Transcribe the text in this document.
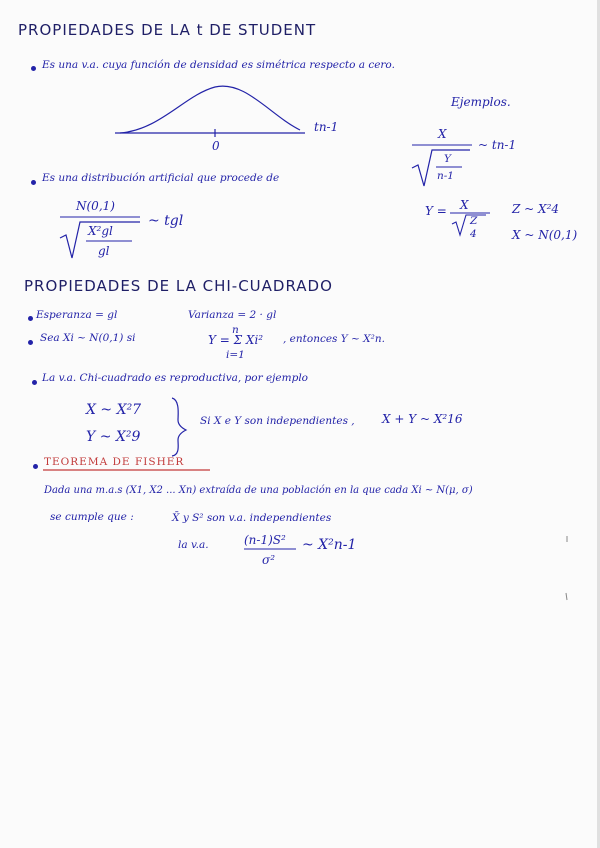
PROPIEDADES DE LA t DE STUDENT
Es una v.a. cuya función de densidad es simétrica respecto a cero.
tn-1
0
Ejemplos.
X
Y
n-1
~ tn-1
Es una distribución artificial que procede de
N(0,1)
X²gl
gl
~ tgl
Y = X
Z
4
Z ~ X²4
X ~ N(0,1)
PROPIEDADES DE LA CHI-CUADRADO
Esperanza = gl	Varianza = 2 · gl
Sea Xi ~ N(0,1) si
n
Y = Σ Xi²
i=1
, entonces Y ~ X²n.
La v.a. Chi-cuadrado es reproductiva, por ejemplo
X ~ X²7
Y ~ X²9
Si X e Y son independientes , X + Y ~ X²16
TEOREMA DE FISHER
Dada una m.a.s (X1, X2 ... Xn) extraída de una población en la que cada Xi ~ N(μ, σ)
se cumple que :	X̄ y S² son v.a. independientes
la v.a.	(n-1)S²
σ²
~ X²n-1
